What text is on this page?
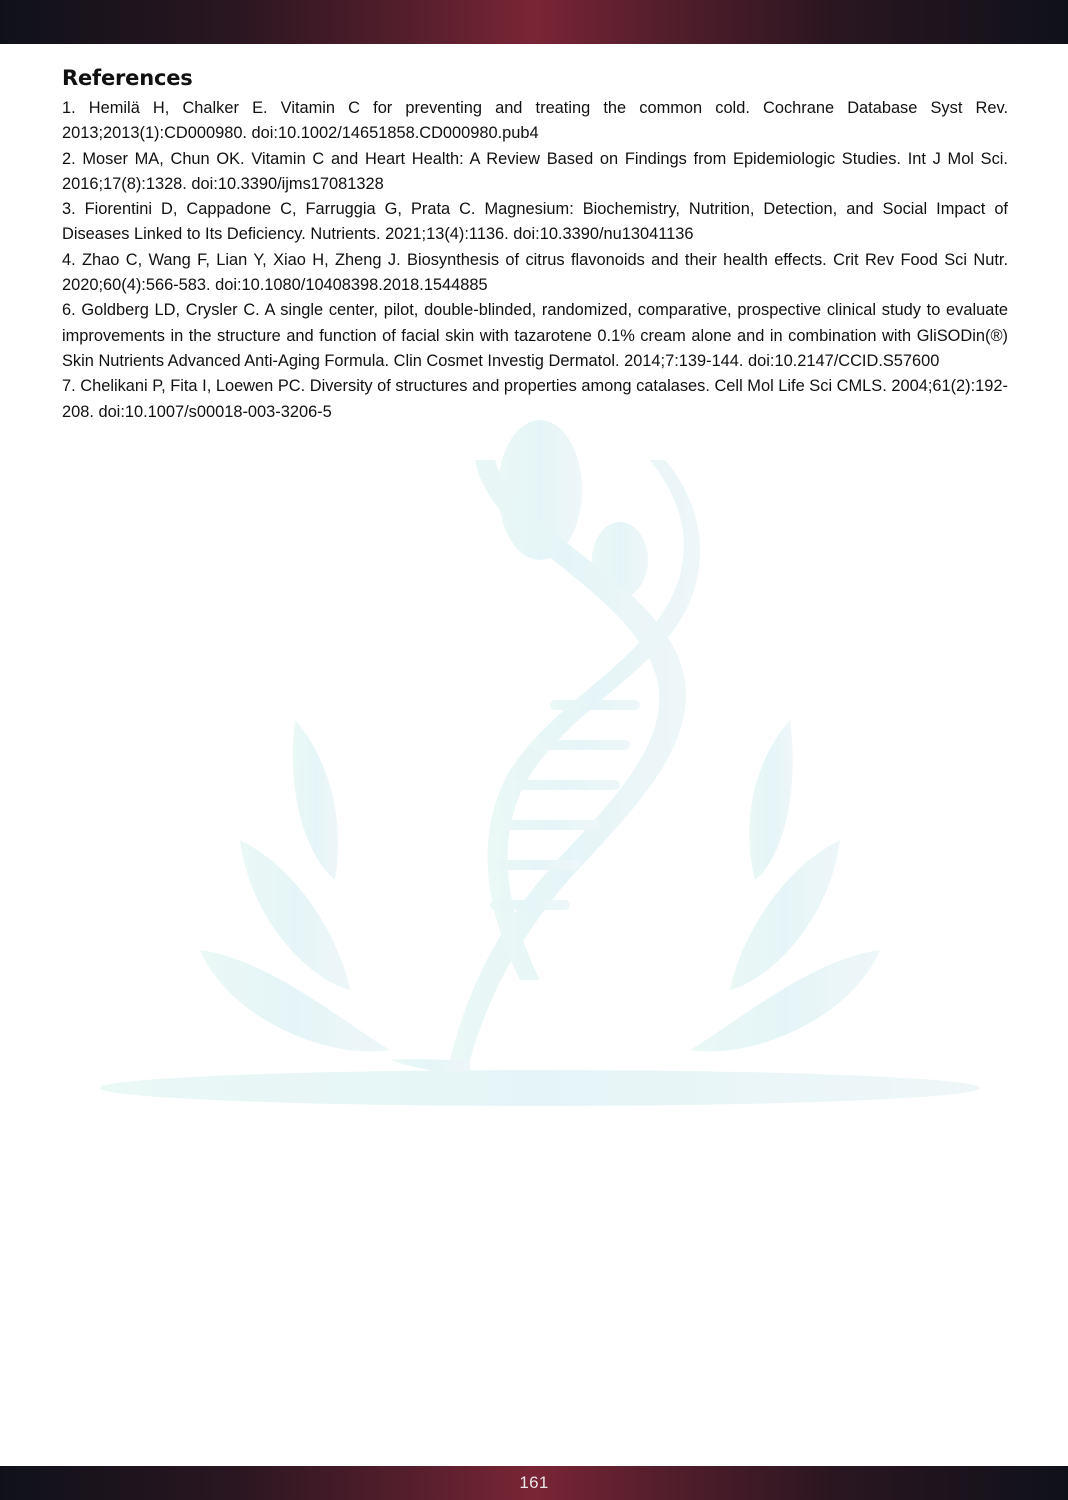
References
1. Hemilä H, Chalker E. Vitamin C for preventing and treating the common cold. Cochrane Database Syst Rev. 2013;2013(1):CD000980. doi:10.1002/14651858.CD000980.pub4
2. Moser MA, Chun OK. Vitamin C and Heart Health: A Review Based on Findings from Epidemiologic Studies. Int J Mol Sci. 2016;17(8):1328. doi:10.3390/ijms17081328
3. Fiorentini D, Cappadone C, Farruggia G, Prata C. Magnesium: Biochemistry, Nutrition, Detection, and Social Impact of Diseases Linked to Its Deficiency. Nutrients. 2021;13(4):1136. doi:10.3390/nu13041136
4. Zhao C, Wang F, Lian Y, Xiao H, Zheng J. Biosynthesis of citrus flavonoids and their health effects. Crit Rev Food Sci Nutr. 2020;60(4):566-583. doi:10.1080/10408398.2018.1544885
6. Goldberg LD, Crysler C. A single center, pilot, double-blinded, randomized, comparative, prospective clinical study to evaluate improvements in the structure and function of facial skin with tazarotene 0.1% cream alone and in combination with GliSODin(®) Skin Nutrients Advanced Anti-Aging Formula. Clin Cosmet Investig Dermatol. 2014;7:139-144. doi:10.2147/CCID.S57600
7. Chelikani P, Fita I, Loewen PC. Diversity of structures and properties among catalases. Cell Mol Life Sci CMLS. 2004;61(2):192-208. doi:10.1007/s00018-003-3206-5
161
